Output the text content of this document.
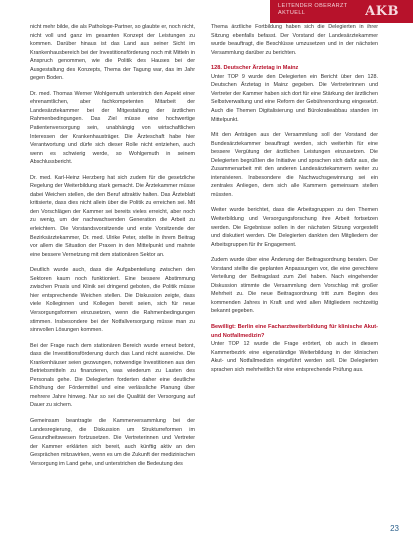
LEITENDER OBERARZT
AKTUELL	AKB

nicht mehr bilde, die als Pathologe-Partner, so glaubte er, noch nicht, nicht voll und ganz im gesamten Konzept der Leistungen zu kommen. Darüber hinaus ist das Land aus seiner Sicht im Krankenhausbereich bei der Investitionsförderung noch mit Mitteln in Anspruch genommen, wie die Politik des Hauses bei der Ausgestaltung des Konzepts, Thema der Tagung war, das im Jahr gegen Boden.

Dr. med. Thomas Werner Wohlgemuth unterstrich den Aspekt einer ehrenamtlichen, aber fachkompetenten Mitarbeit der Landesärztekammer bei der Mitgestaltung der ärztlichen Rahmenbedingungen. Das Ziel müsse eine hochwertige Patientenversorgung sein, unabhängig von wirtschaftlichen Interessen der Krankenhausträger. Die Ärzteschaft habe hier Verantwortung und dürfe sich dieser Rolle nicht entziehen, auch wenn es schwierig werde, so Wohlgemuth in seinem Abschlussbericht.

Dr. med. Karl-Heinz Herzberg hat sich zudem für die gesetzliche Regelung der Weiterbildung stark gemacht. Die Ärztekammer müsse dabei Weichen stellen, die den Beruf attraktiv halten. Das Ärzteblatt kritisierte, dass dies nicht allein über die Politik zu erreichen sei. Mit den Vorschlägen der Kammer sei bereits vieles erreicht, aber noch zu wenig, um der nachwachsenden Generation die Arbeit zu erleichtern. Die Vorstandsvorsitzende und erste Vorsitzende der Bezirksärztekammer, Dr. med. Ulrike Peter, stellte in ihrem Beitrag vor allem die Situation der Praxen in den Mittelpunkt und mahnte eine bessere Vernetzung mit dem stationären Sektor an.

Deutlich wurde auch, dass die Aufgabenteilung zwischen den Sektoren kaum noch funktioniert. Eine bessere Abstimmung zwischen Praxis und Klinik sei dringend geboten, die Politik müsse hier entsprechende Weichen stellen. Die Diskussion zeigte, dass viele Kolleginnen und Kollegen bereit seien, sich für neue Versorgungsformen einzusetzen, wenn die Rahmenbedingungen stimmen. Insbesondere bei der Notfallversorgung müsse man zu sinnvollen Lösungen kommen.

Bei der Frage nach dem stationären Bereich wurde erneut betont, dass die Investitionsförderung durch das Land nicht ausreiche. Die Krankenhäuser seien gezwungen, notwendige Investitionen aus den Betriebsmitteln zu finanzieren, was wiederum zu Lasten des Personals gehe. Die Delegierten forderten daher eine deutliche Erhöhung der Fördermittel und eine verlässliche Planung über mehrere Jahre hinweg. Nur so sei die Qualität der Versorgung auf Dauer zu sichern.

Gemeinsam beantragte die Kammerversammlung bei der Landesregierung, die Diskussion um Strukturreformen im Gesundheitswesen fortzusetzen. Die Vertreterinnen und Vertreter der Kammer erklärten sich bereit, auch künftig aktiv an den Gesprächen mitzuwirken, wenn es um die Zukunft der medizinischen Versorgung im Land gehe, und unterstrichen die Bedeutung des

Thema ärztliche Fortbildung haben sich die Delegierten in ihrer Sitzung ebenfalls befasst. Der Vorstand der Landesärztekammer wurde beauftragt, die Beschlüsse umzusetzen und in der nächsten Versammlung darüber zu berichten.

128. Deutscher Ärztetag in Mainz

Unter TOP 9 wurde den Delegierten ein Bericht über den 128. Deutschen Ärztetag in Mainz gegeben. Die Vertreterinnen und Vertreter der Kammer haben sich dort für eine Stärkung der ärztlichen Selbstverwaltung und eine Reform der Gebührenordnung eingesetzt. Auch die Themen Digitalisierung und Bürokratieabbau standen im Mittelpunkt.

Mit den Anträgen aus der Versammlung soll der Vorstand der Bundesärztekammer beauftragt werden, sich weiterhin für eine bessere Vergütung der ärztlichen Leistungen einzusetzen. Die Delegierten begrüßten die Initiative und sprachen sich dafür aus, die Zusammenarbeit mit den anderen Landesärztekammern weiter zu intensivieren. Insbesondere die Nachwuchsgewinnung sei ein zentrales Anliegen, dem sich alle Kammern gemeinsam stellen müssten.

Weiter wurde berichtet, dass die Arbeitsgruppen zu den Themen Weiterbildung und Versorgungsforschung ihre Arbeit fortsetzen werden. Die Ergebnisse sollen in der nächsten Sitzung vorgestellt und diskutiert werden. Die Delegierten dankten den Mitgliedern der Arbeitsgruppen für ihr Engagement.

Zudem wurde über eine Änderung der Beitragsordnung beraten. Der Vorstand stellte die geplanten Anpassungen vor, die eine gerechtere Verteilung der Beitragslast zum Ziel haben. Nach eingehender Diskussion stimmte die Versammlung dem Vorschlag mit großer Mehrheit zu. Die neue Beitragsordnung tritt zum Beginn des kommenden Jahres in Kraft und wird allen Mitgliedern rechtzeitig bekannt gegeben.

Bewilligt: Berlin eine Facharztweiterbildung für klinische Akut- und Notfallmedizin?

Unter TOP 12 wurde die Frage erörtert, ob auch in diesem Kammerbezirk eine eigenständige Weiterbildung in der klinischen Akut- und Notfallmedizin eingeführt werden soll. Die Delegierten sprachen sich mehrheitlich für eine entsprechende Prüfung aus.

23
